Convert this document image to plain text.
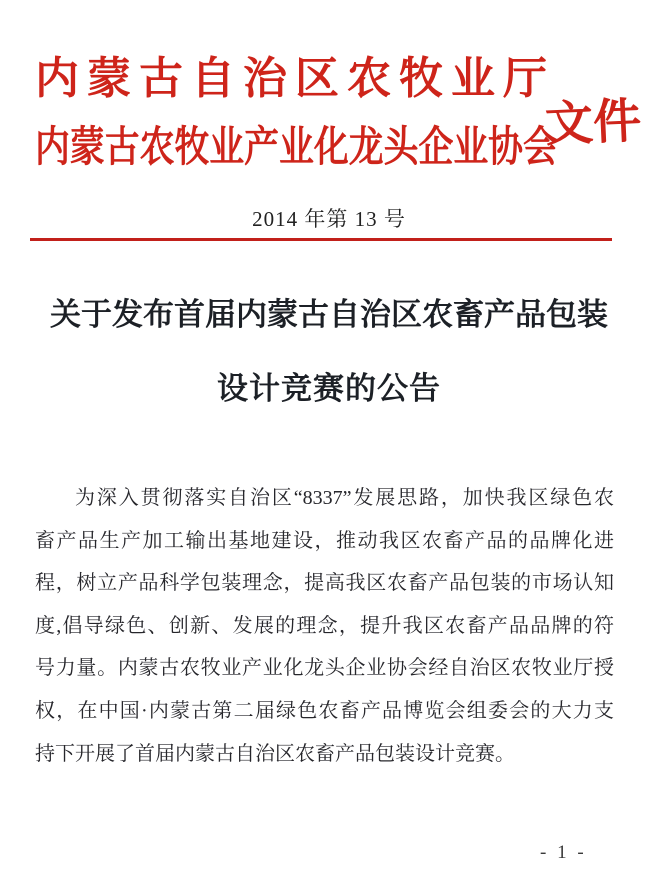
内蒙古自治区农牧业厅
文件
内蒙古农牧业产业化龙头企业协会
2014 年第 13 号
关于发布首届内蒙古自治区农畜产品包装
设计竞赛的公告
为深入贯彻落实自治区“8337”发展思路，加快我区绿色农
畜产品生产加工输出基地建设，推动我区农畜产品的品牌化进
程，树立产品科学包装理念，提高我区农畜产品包装的市场认知
度,倡导绿色、创新、发展的理念，提升我区农畜产品品牌的符
号力量。内蒙古农牧业产业化龙头企业协会经自治区农牧业厅授
权，在中国·内蒙古第二届绿色农畜产品博览会组委会的大力支
持下开展了首届内蒙古自治区农畜产品包装设计竞赛。
- 1 -
